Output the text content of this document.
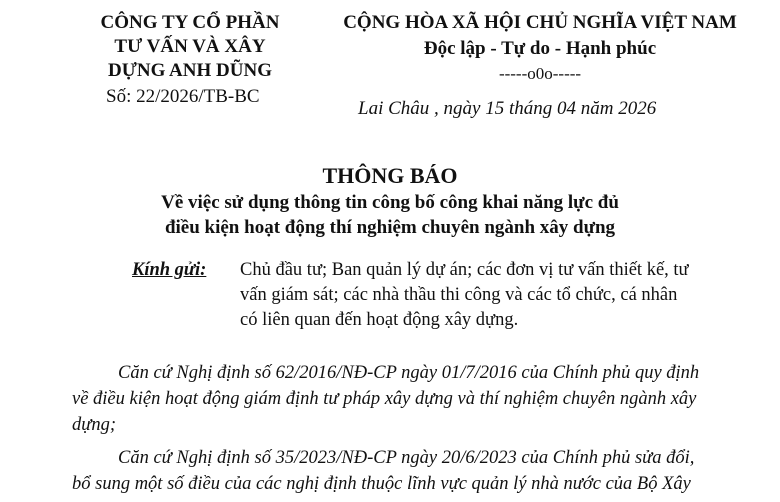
CÔNG TY CỔ PHẦN
TƯ VẤN VÀ XÂY
DỰNG ANH DŨNG
Số: 22/2026/TB-BC
CỘNG HÒA XÃ HỘI CHỦ NGHĨA VIỆT NAM
Độc lập - Tự do - Hạnh phúc
-----o0o-----
Lai Châu , ngày 15 tháng 04 năm 2026
THÔNG BÁO
Về việc sử dụng thông tin công bố công khai năng lực đủ
điều kiện hoạt động thí nghiệm chuyên ngành xây dựng
Kính gửi: Chủ đầu tư; Ban quản lý dự án; các đơn vị tư vấn thiết kế, tư
vấn giám sát; các nhà thầu thi công và các tổ chức, cá nhân
có liên quan đến hoạt động xây dựng.
Căn cứ Nghị định số 62/2016/NĐ-CP ngày 01/7/2016 của Chính phủ quy định
về điều kiện hoạt động giám định tư pháp xây dựng và thí nghiệm chuyên ngành xây
dựng;
Căn cứ Nghị định số 35/2023/NĐ-CP ngày 20/6/2023 của Chính phủ sửa đổi,
bổ sung một số điều của các nghị định thuộc lĩnh vực quản lý nhà nước của Bộ Xây
